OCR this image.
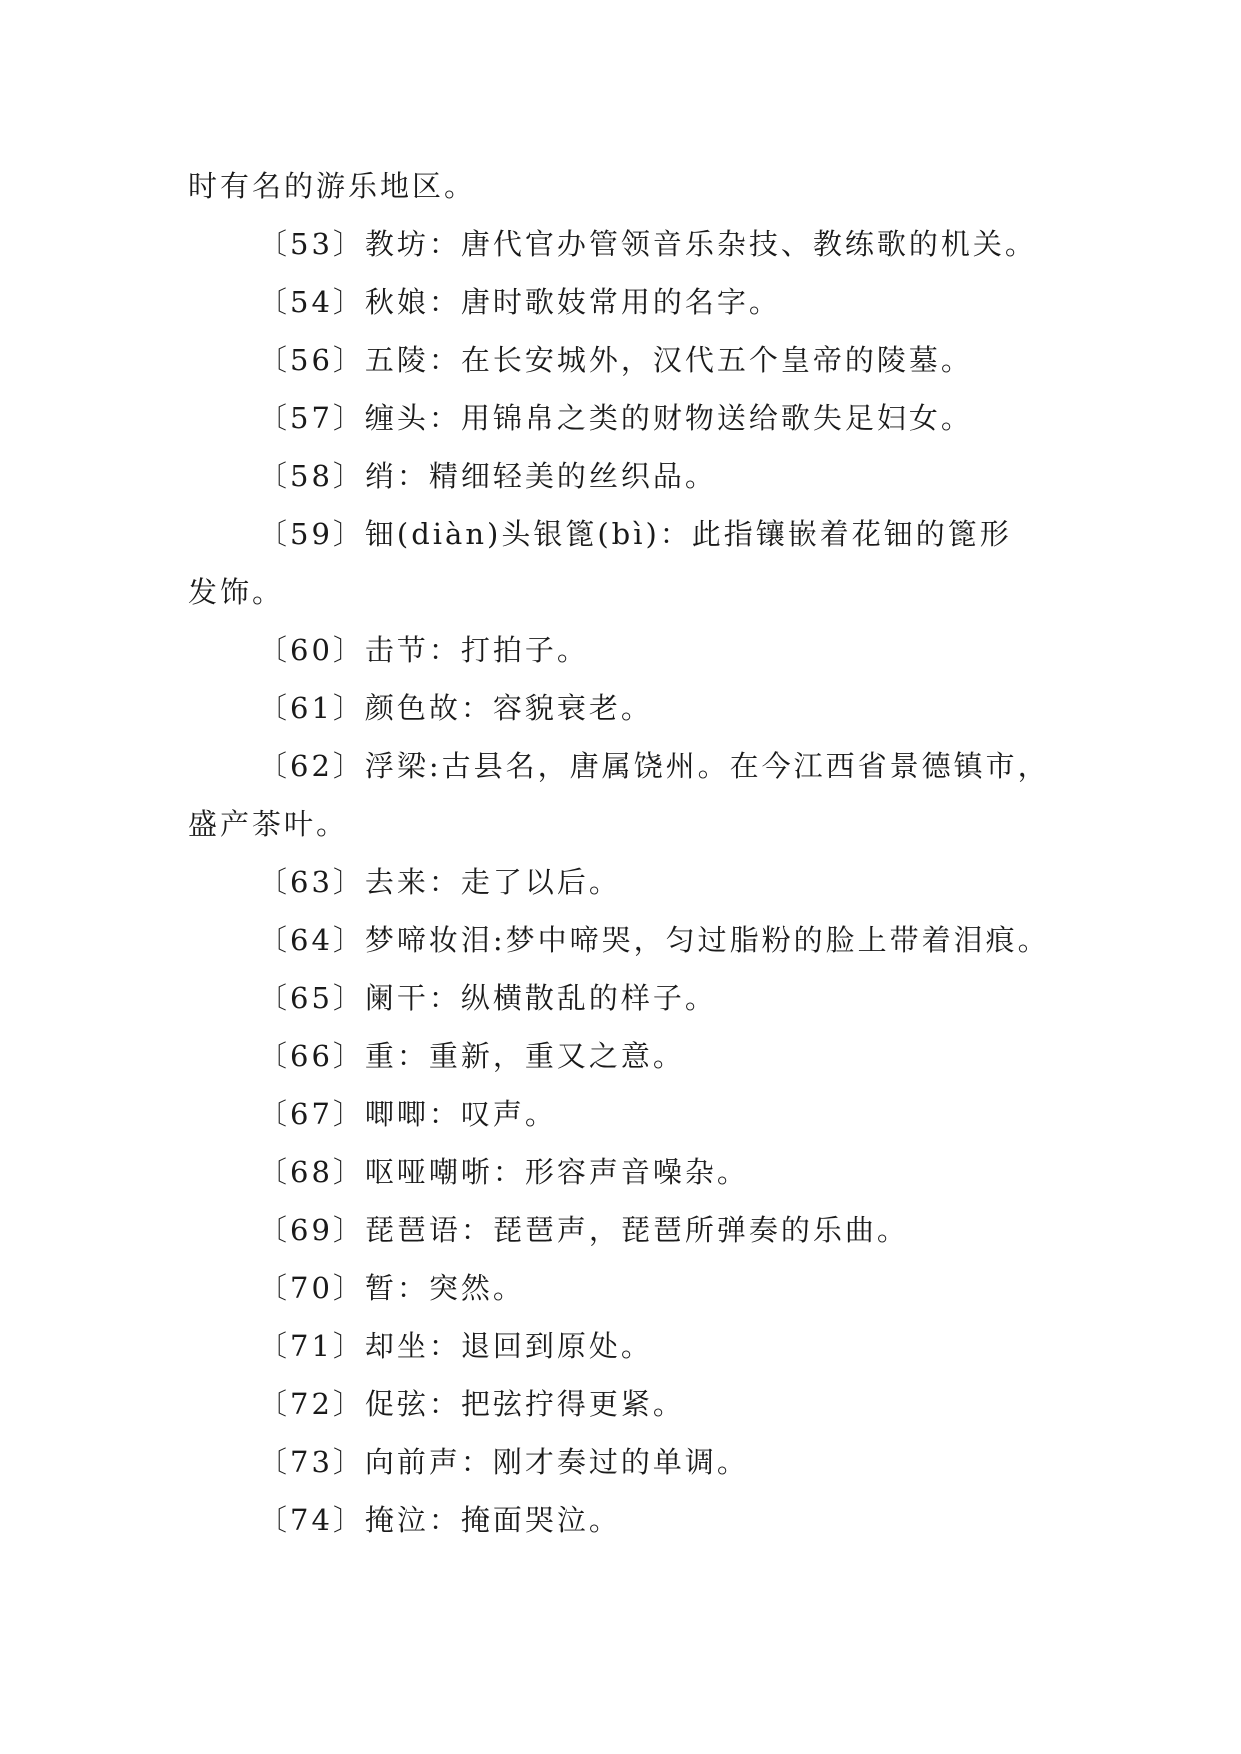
时有名的游乐地区。
〔53〕教坊：唐代官办管领音乐杂技、教练歌的机关。
〔54〕秋娘：唐时歌妓常用的名字。
〔56〕五陵：在长安城外，汉代五个皇帝的陵墓。
〔57〕缠头：用锦帛之类的财物送给歌失足妇女。
〔58〕绡：精细轻美的丝织品。
〔59〕钿(diàn)头银篦(bì)：此指镶嵌着花钿的篦形
发饰。
〔60〕击节：打拍子。
〔61〕颜色故：容貌衰老。
〔62〕浮梁:古县名，唐属饶州。在今江西省景德镇市，
盛产茶叶。
〔63〕去来：走了以后。
〔64〕梦啼妆泪:梦中啼哭，匀过脂粉的脸上带着泪痕。
〔65〕阑干：纵横散乱的样子。
〔66〕重：重新，重又之意。
〔67〕唧唧：叹声。
〔68〕呕哑嘲哳：形容声音噪杂。
〔69〕琵琶语：琵琶声，琵琶所弹奏的乐曲。
〔70〕暂：突然。
〔71〕却坐：退回到原处。
〔72〕促弦：把弦拧得更紧。
〔73〕向前声：刚才奏过的单调。
〔74〕掩泣：掩面哭泣。
